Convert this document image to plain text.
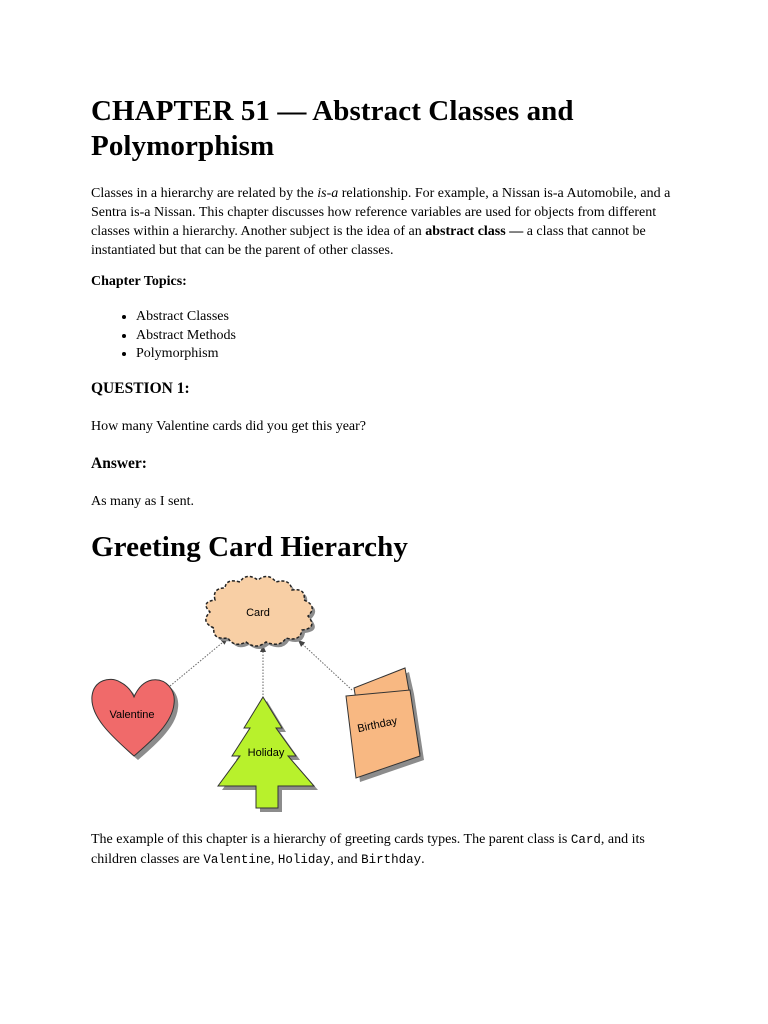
CHAPTER 51 — Abstract Classes and Polymorphism

Classes in a hierarchy are related by the is-a relationship. For example, a Nissan is-a Automobile, and a Sentra is-a Nissan. This chapter discusses how reference variables are used for objects from different classes within a hierarchy. Another subject is the idea of an abstract class — a class that cannot be instantiated but that can be the parent of other classes.

Chapter Topics:

• Abstract Classes
• Abstract Methods
• Polymorphism
QUESTION 1:

How many Valentine cards did you get this year?

Answer:

As many as I sent.

Greeting Card Hierarchy

The example of this chapter is a hierarchy of greeting cards types. The parent class is Card, and its children classes are Valentine, Holiday, and Birthday.

Card
Valentine
Holiday
Birthday
